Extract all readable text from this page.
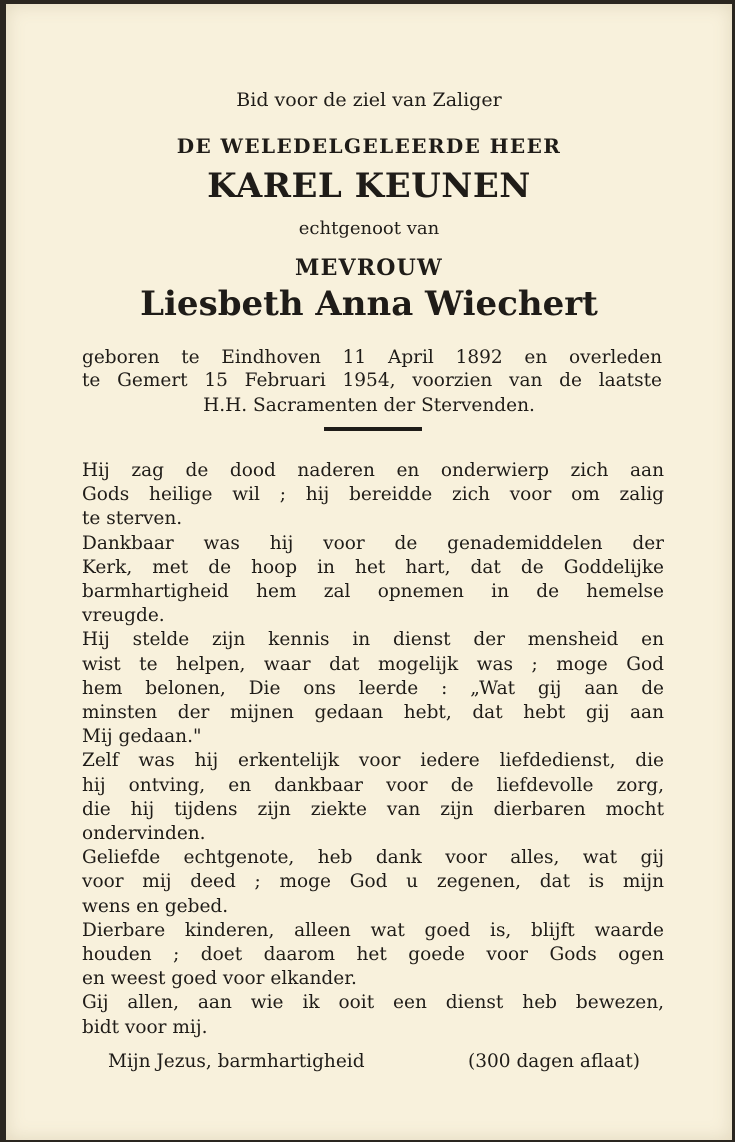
Bid voor de ziel van Zaliger
DE WELEDELGELEERDE HEER
KAREL KEUNEN
echtgenoot van
MEVROUW
Liesbeth Anna Wiechert
geboren te Eindhoven 11 April 1892 en overleden
te Gemert 15 Februari 1954, voorzien van de laatste
H.H. Sacramenten der Stervenden.
Hij zag de dood naderen en onderwierp zich aan
Gods heilige wil ; hij bereidde zich voor om zalig
te sterven.
Dankbaar was hij voor de genademiddelen der
Kerk, met de hoop in het hart, dat de Goddelijke
barmhartigheid hem zal opnemen in de hemelse
vreugde.
Hij stelde zijn kennis in dienst der mensheid en
wist te helpen, waar dat mogelijk was ; moge God
hem belonen, Die ons leerde : „Wat gij aan de
minsten der mijnen gedaan hebt, dat hebt gij aan
Mij gedaan."
Zelf was hij erkentelijk voor iedere liefdedienst, die
hij ontving, en dankbaar voor de liefdevolle zorg,
die hij tijdens zijn ziekte van zijn dierbaren mocht
ondervinden.
Geliefde echtgenote, heb dank voor alles, wat gij
voor mij deed ; moge God u zegenen, dat is mijn
wens en gebed.
Dierbare kinderen, alleen wat goed is, blijft waarde
houden ; doet daarom het goede voor Gods ogen
en weest goed voor elkander.
Gij allen, aan wie ik ooit een dienst heb bewezen,
bidt voor mij.
Mijn Jezus, barmhartigheid	(300 dagen aflaat)
